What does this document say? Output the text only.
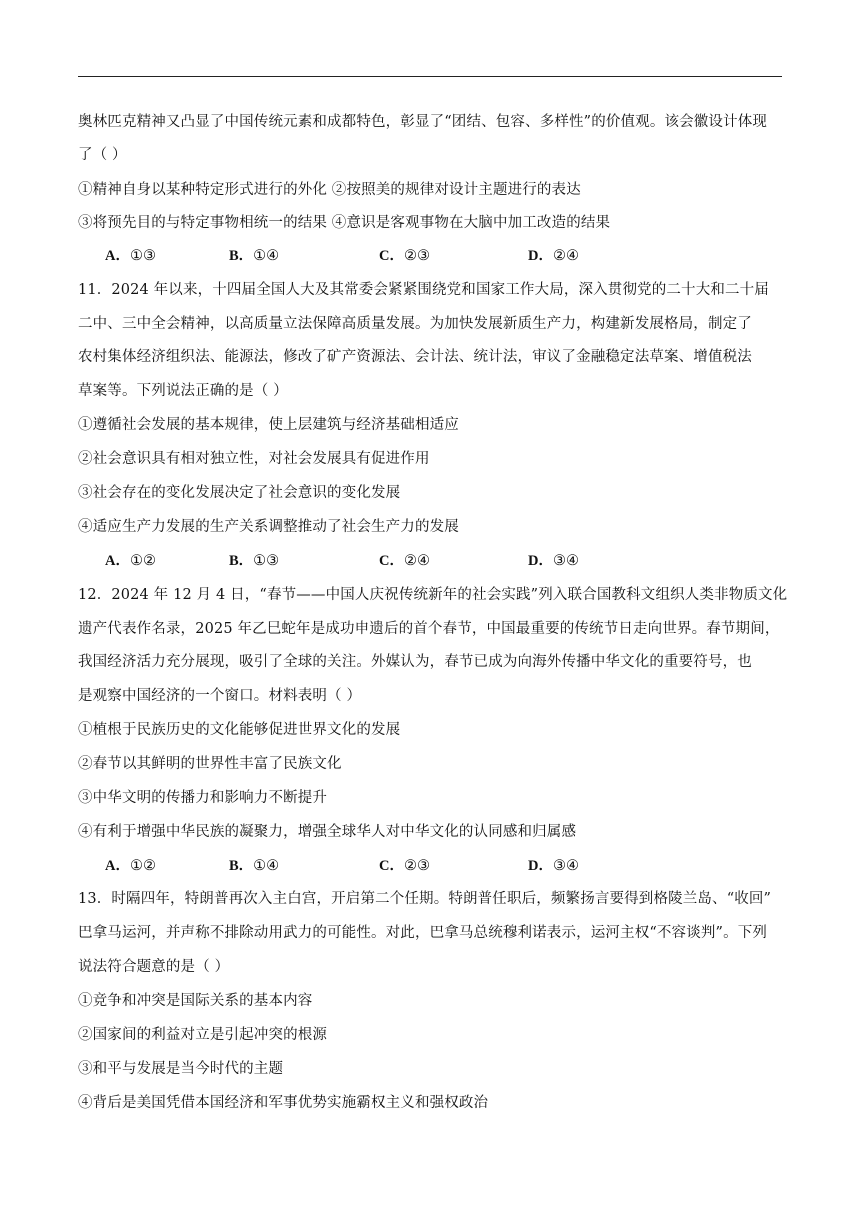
奥林匹克精神又凸显了中国传统元素和成都特色，彰显了“团结、包容、多样性”的价值观。该会徽设计体现
了（ ）
①精神自身以某种特定形式进行的外化 ②按照美的规律对设计主题进行的表达
③将预先目的与特定事物相统一的结果 ④意识是客观事物在大脑中加工改造的结果
A．①③	B．①④	C．②③	D．②④
11．2024 年以来，十四届全国人大及其常委会紧紧围绕党和国家工作大局，深入贯彻党的二十大和二十届
二中、三中全会精神，以高质量立法保障高质量发展。为加快发展新质生产力，构建新发展格局，制定了
农村集体经济组织法、能源法，修改了矿产资源法、会计法、统计法，审议了金融稳定法草案、增值税法
草案等。下列说法正确的是（ ）
①遵循社会发展的基本规律，使上层建筑与经济基础相适应
②社会意识具有相对独立性，对社会发展具有促进作用
③社会存在的变化发展决定了社会意识的变化发展
④适应生产力发展的生产关系调整推动了社会生产力的发展
A．①②	B．①③	C．②④	D．③④
12．2024 年 12 月 4 日，“春节——中国人庆祝传统新年的社会实践”列入联合国教科文组织人类非物质文化
遗产代表作名录，2025 年乙巳蛇年是成功申遗后的首个春节，中国最重要的传统节日走向世界。春节期间，
我国经济活力充分展现，吸引了全球的关注。外媒认为，春节已成为向海外传播中华文化的重要符号，也
是观察中国经济的一个窗口。材料表明（ ）
①植根于民族历史的文化能够促进世界文化的发展
②春节以其鲜明的世界性丰富了民族文化
③中华文明的传播力和影响力不断提升
④有利于增强中华民族的凝聚力，增强全球华人对中华文化的认同感和归属感
A．①②	B．①④	C．②③	D．③④
13．时隔四年，特朗普再次入主白宫，开启第二个任期。特朗普任职后，频繁扬言要得到格陵兰岛、“收回”
巴拿马运河，并声称不排除动用武力的可能性。对此，巴拿马总统穆利诺表示，运河主权“不容谈判”。下列
说法符合题意的是（ ）
①竞争和冲突是国际关系的基本内容
②国家间的利益对立是引起冲突的根源
③和平与发展是当今时代的主题
④背后是美国凭借本国经济和军事优势实施霸权主义和强权政治
